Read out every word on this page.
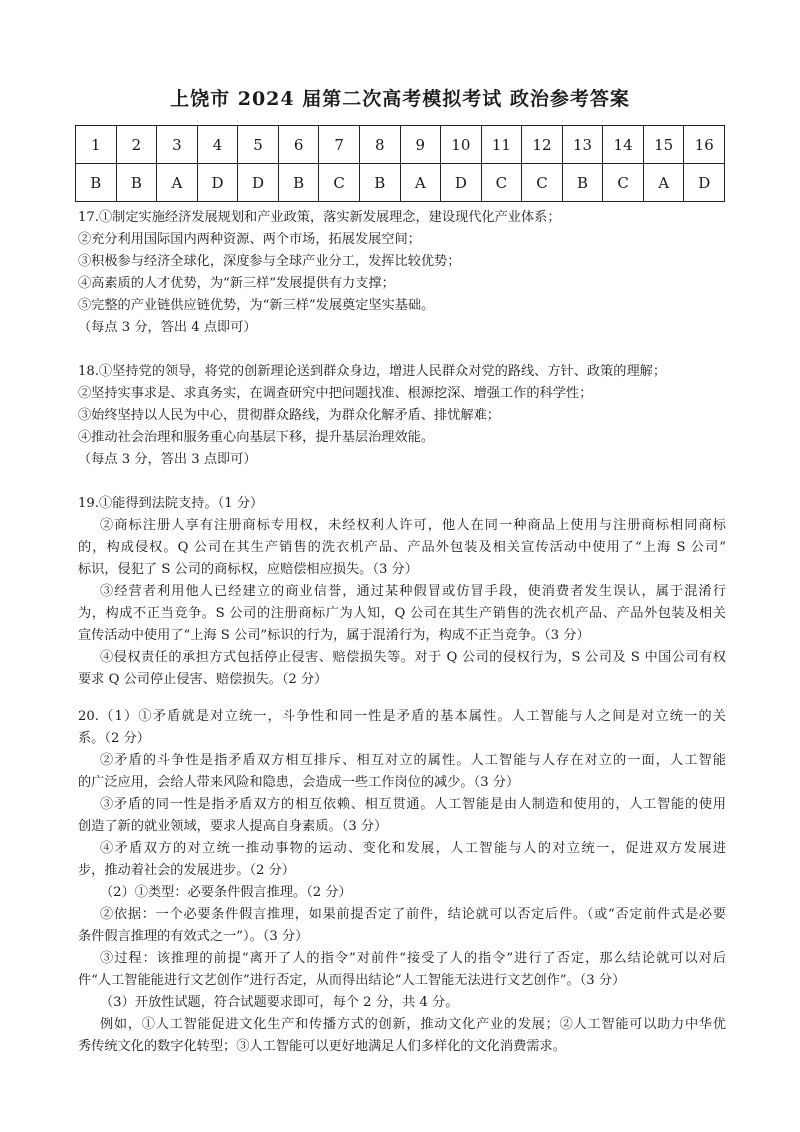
上饶市 2024 届第二次高考模拟考试 政治参考答案
1	2	3	4	5	6	7	8	9	10	11	12	13	14	15	16
B	B	A	D	D	B	C	B	A	D	C	C	B	C	A	D
17.①制定实施经济发展规划和产业政策，落实新发展理念，建设现代化产业体系；
②充分利用国际国内两种资源、两个市场，拓展发展空间；
③积极参与经济全球化，深度参与全球产业分工，发挥比较优势；
④高素质的人才优势，为“新三样”发展提供有力支撑；
⑤完整的产业链供应链优势，为“新三样”发展奠定坚实基础。
（每点 3 分，答出 4 点即可）
18.①坚持党的领导，将党的创新理论送到群众身边，增进人民群众对党的路线、方针、政策的理解；
②坚持实事求是、求真务实，在调查研究中把问题找准、根源挖深、增强工作的科学性；
③始终坚持以人民为中心，贯彻群众路线，为群众化解矛盾、排忧解难；
④推动社会治理和服务重心向基层下移，提升基层治理效能。
（每点 3 分，答出 3 点即可）
19.①能得到法院支持。（1 分）
②商标注册人享有注册商标专用权，未经权利人许可，他人在同一种商品上使用与注册商标相同商标
的，构成侵权。Q 公司在其生产销售的洗衣机产品、产品外包装及相关宣传活动中使用了“上海 S 公司”
标识，侵犯了 S 公司的商标权，应赔偿相应损失。（3 分）
③经营者利用他人已经建立的商业信誉，通过某种假冒或仿冒手段，使消费者发生误认，属于混淆行
为，构成不正当竞争。S 公司的注册商标广为人知，Q 公司在其生产销售的洗衣机产品、产品外包装及相关
宣传活动中使用了“上海 S 公司”标识的行为，属于混淆行为，构成不正当竞争。（3 分）
④侵权责任的承担方式包括停止侵害、赔偿损失等。对于 Q 公司的侵权行为，S 公司及 S 中国公司有权
要求 Q 公司停止侵害、赔偿损失。（2 分）
20.（1）①矛盾就是对立统一，斗争性和同一性是矛盾的基本属性。人工智能与人之间是对立统一的关
系。（2 分）
②矛盾的斗争性是指矛盾双方相互排斥、相互对立的属性。人工智能与人存在对立的一面，人工智能
的广泛应用，会给人带来风险和隐患，会造成一些工作岗位的减少。（3 分）
③矛盾的同一性是指矛盾双方的相互依赖、相互贯通。人工智能是由人制造和使用的，人工智能的使用
创造了新的就业领域，要求人提高自身素质。（3 分）
④矛盾双方的对立统一推动事物的运动、变化和发展，人工智能与人的对立统一，促进双方发展进
步，推动着社会的发展进步。（2 分）
（2）①类型：必要条件假言推理。（2 分）
②依据：一个必要条件假言推理，如果前提否定了前件，结论就可以否定后件。（或“否定前件式是必要
条件假言推理的有效式之一”）。（3 分）
③过程：该推理的前提“离开了人的指令”对前件“接受了人的指令”进行了否定，那么结论就可以对后
件“人工智能能进行文艺创作”进行否定，从而得出结论“人工智能无法进行文艺创作”。（3 分）
（3）开放性试题，符合试题要求即可，每个 2 分，共 4 分。
例如，①人工智能促进文化生产和传播方式的创新，推动文化产业的发展；②人工智能可以助力中华优
秀传统文化的数字化转型；③人工智能可以更好地满足人们多样化的文化消费需求。
